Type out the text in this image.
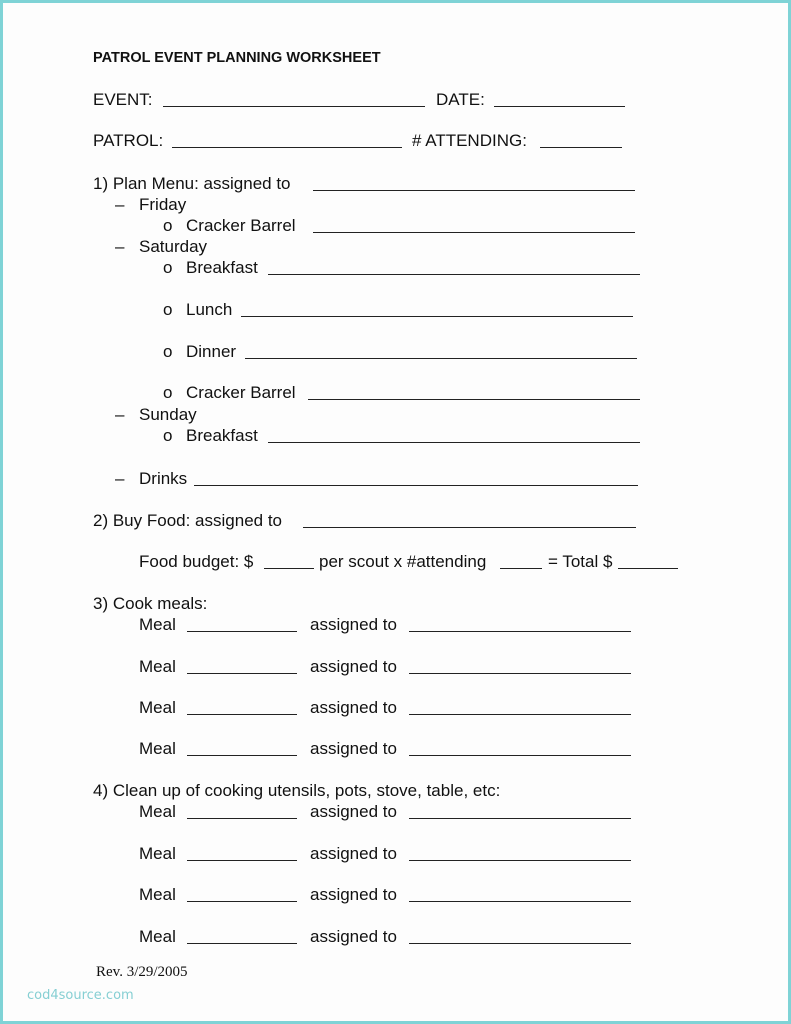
PATROL EVENT PLANNING WORKSHEET
EVENT:	DATE:
PATROL:	# ATTENDING:
1) Plan Menu: assigned to
– Friday
o Cracker Barrel
– Saturday
o Breakfast
o Lunch
o Dinner
o Cracker Barrel
– Sunday
o Breakfast
– Drinks
2) Buy Food: assigned to
Food budget: $	per scout x #attending	= Total $
3) Cook meals:
Meal	assigned to
Meal	assigned to
Meal	assigned to
Meal	assigned to
4) Clean up of cooking utensils, pots, stove, table, etc:
Meal	assigned to
Meal	assigned to
Meal	assigned to
Meal	assigned to
Rev. 3/29/2005
cod4source.com
